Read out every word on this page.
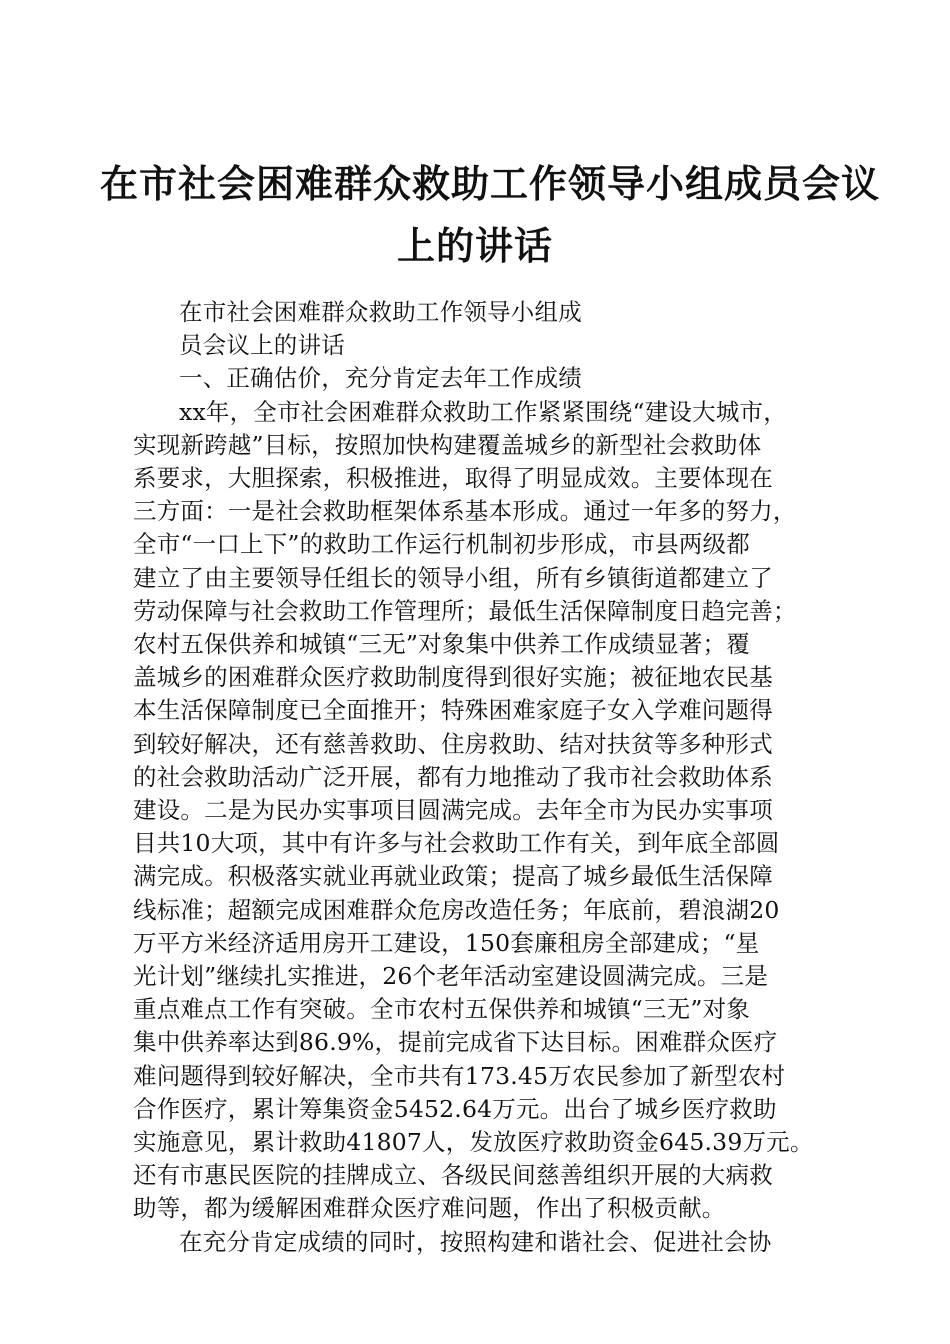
在市社会困难群众救助工作领导小组成员会议
上的讲话
在市社会困难群众救助工作领导小组成
员会议上的讲话
一、正确估价，充分肯定去年工作成绩
xx年，全市社会困难群众救助工作紧紧围绕“建设大城市，
实现新跨越”目标，按照加快构建覆盖城乡的新型社会救助体
系要求，大胆探索，积极推进，取得了明显成效。主要体现在
三方面：一是社会救助框架体系基本形成。通过一年多的努力，
全市“一口上下”的救助工作运行机制初步形成，市县两级都
建立了由主要领导任组长的领导小组，所有乡镇街道都建立了
劳动保障与社会救助工作管理所；最低生活保障制度日趋完善；
农村五保供养和城镇“三无”对象集中供养工作成绩显著；覆
盖城乡的困难群众医疗救助制度得到很好实施；被征地农民基
本生活保障制度已全面推开；特殊困难家庭子女入学难问题得
到较好解决，还有慈善救助、住房救助、结对扶贫等多种形式
的社会救助活动广泛开展，都有力地推动了我市社会救助体系
建设。二是为民办实事项目圆满完成。去年全市为民办实事项
目共10大项，其中有许多与社会救助工作有关，到年底全部圆
满完成。积极落实就业再就业政策；提高了城乡最低生活保障
线标准；超额完成困难群众危房改造任务；年底前，碧浪湖20
万平方米经济适用房开工建设，150套廉租房全部建成；“星
光计划”继续扎实推进，26个老年活动室建设圆满完成。三是
重点难点工作有突破。全市农村五保供养和城镇“三无”对象
集中供养率达到86.9%，提前完成省下达目标。困难群众医疗
难问题得到较好解决，全市共有173.45万农民参加了新型农村
合作医疗，累计筹集资金5452.64万元。出台了城乡医疗救助
实施意见，累计救助41807人，发放医疗救助资金645.39万元。
还有市惠民医院的挂牌成立、各级民间慈善组织开展的大病救
助等，都为缓解困难群众医疗难问题，作出了积极贡献。
在充分肯定成绩的同时，按照构建和谐社会、促进社会协
